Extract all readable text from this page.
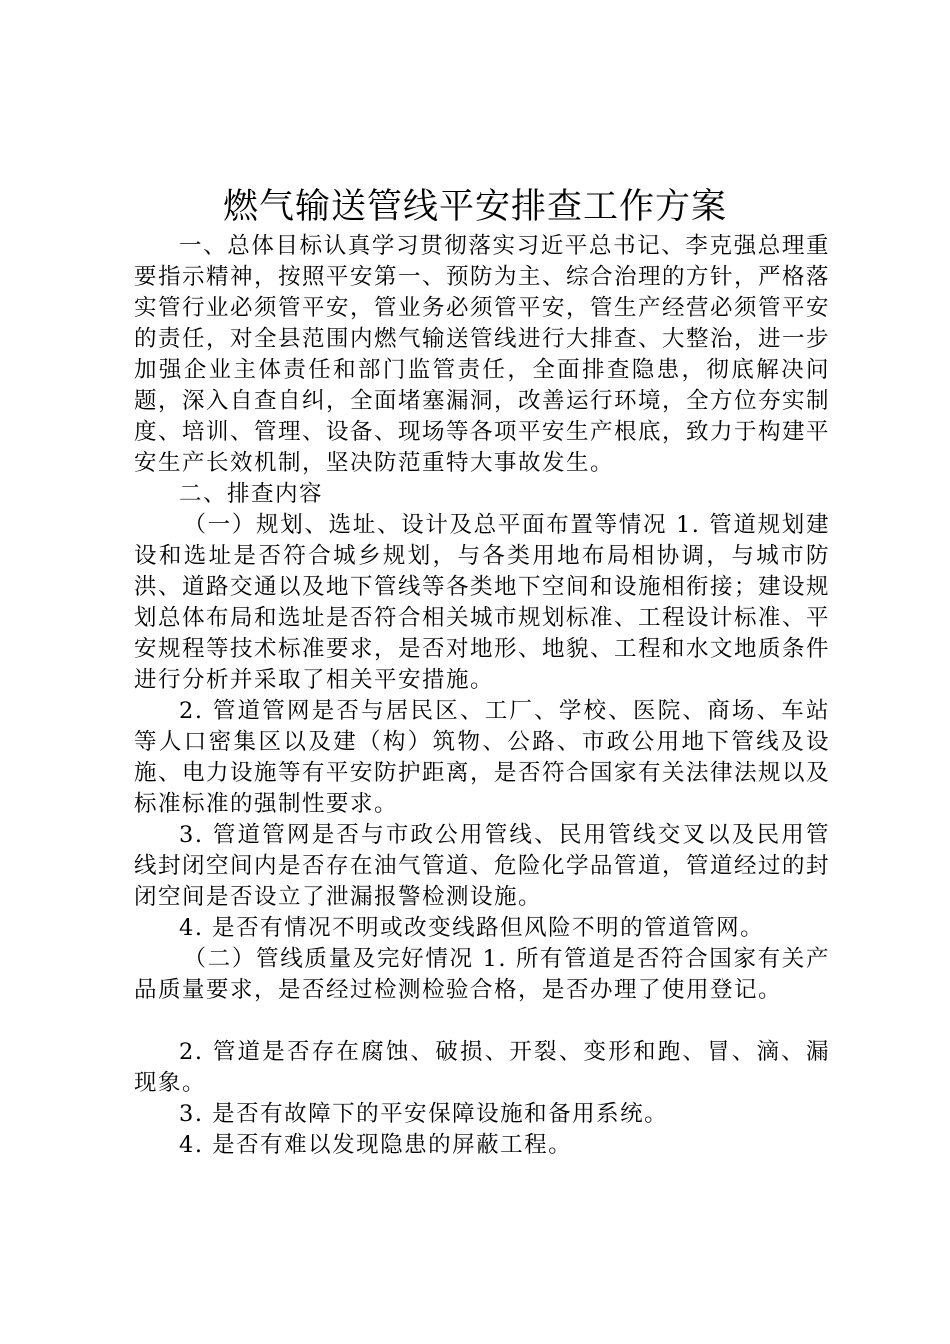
燃气输送管线平安排查工作方案

一、总体目标认真学习贯彻落实习近平总书记、李克强总理重要指示精神，按照平安第一、预防为主、综合治理的方针，严格落实管行业必须管平安，管业务必须管平安，管生产经营必须管平安的责任，对全县范围内燃气输送管线进行大排查、大整治，进一步加强企业主体责任和部门监管责任，全面排查隐患，彻底解决问题，深入自查自纠，全面堵塞漏洞，改善运行环境，全方位夯实制度、培训、管理、设备、现场等各项平安生产根底，致力于构建平安生产长效机制，坚决防范重特大事故发生。

二、排查内容

（一）规划、选址、设计及总平面布置等情况 1. 管道规划建设和选址是否符合城乡规划，与各类用地布局相协调，与城市防洪、道路交通以及地下管线等各类地下空间和设施相衔接；建设规划总体布局和选址是否符合相关城市规划标准、工程设计标准、平安规程等技术标准要求，是否对地形、地貌、工程和水文地质条件进行分析并采取了相关平安措施。

2. 管道管网是否与居民区、工厂、学校、医院、商场、车站等人口密集区以及建（构）筑物、公路、市政公用地下管线及设施、电力设施等有平安防护距离，是否符合国家有关法律法规以及标准标准的强制性要求。

3. 管道管网是否与市政公用管线、民用管线交叉以及民用管线封闭空间内是否存在油气管道、危险化学品管道，管道经过的封闭空间是否设立了泄漏报警检测设施。

4. 是否有情况不明或改变线路但风险不明的管道管网。

（二）管线质量及完好情况 1. 所有管道是否符合国家有关产品质量要求，是否经过检测检验合格，是否办理了使用登记。

2. 管道是否存在腐蚀、破损、开裂、变形和跑、冒、滴、漏现象。

3. 是否有故障下的平安保障设施和备用系统。

4. 是否有难以发现隐患的屏蔽工程。
